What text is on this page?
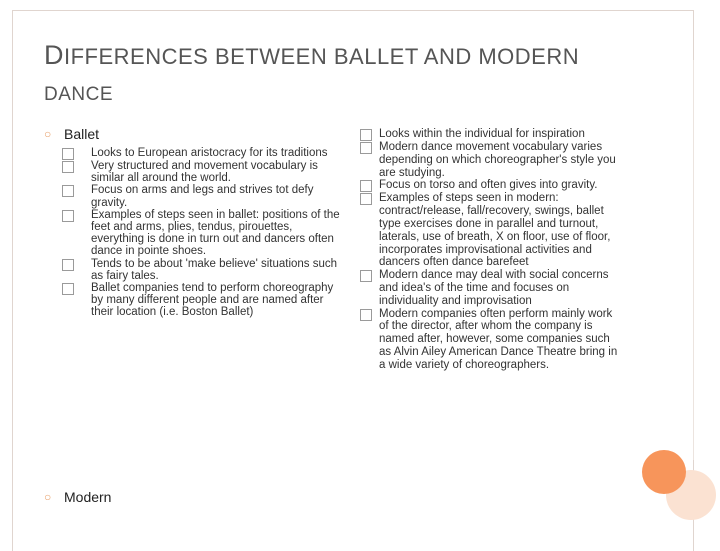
DIFFERENCES BETWEEN BALLET AND MODERN
DANCE
○ Ballet
Looks to European aristocracy for its traditions
Very structured and movement vocabulary is similar all around the world.
Focus on arms and legs and strives tot defy gravity.
Examples of steps seen in ballet: positions of the feet and arms, plies, tendus, pirouettes, everything is done in turn out and dancers often dance in pointe shoes.
Tends to be about 'make believe' situations such as fairy tales.
Ballet companies tend to perform choreography by many different people and are named after their location (i.e. Boston Ballet)
○ Modern
Looks within the individual for inspiration
Modern dance movement vocabulary varies depending on which choreographer's style you are studying.
Focus on torso and often gives into gravity.
Examples of steps seen in modern: contract/release, fall/recovery, swings, ballet type exercises done in parallel and turnout, laterals, use of breath, X on floor, use of floor, incorporates improvisational activities and dancers often dance barefeet
Modern dance may deal with social concerns and idea's of the time and focuses on individuality and improvisation
Modern companies often perform mainly work of the director, after whom the company is named after, however, some companies such as Alvin Ailey American Dance Theatre bring in a wide variety of choreographers.
